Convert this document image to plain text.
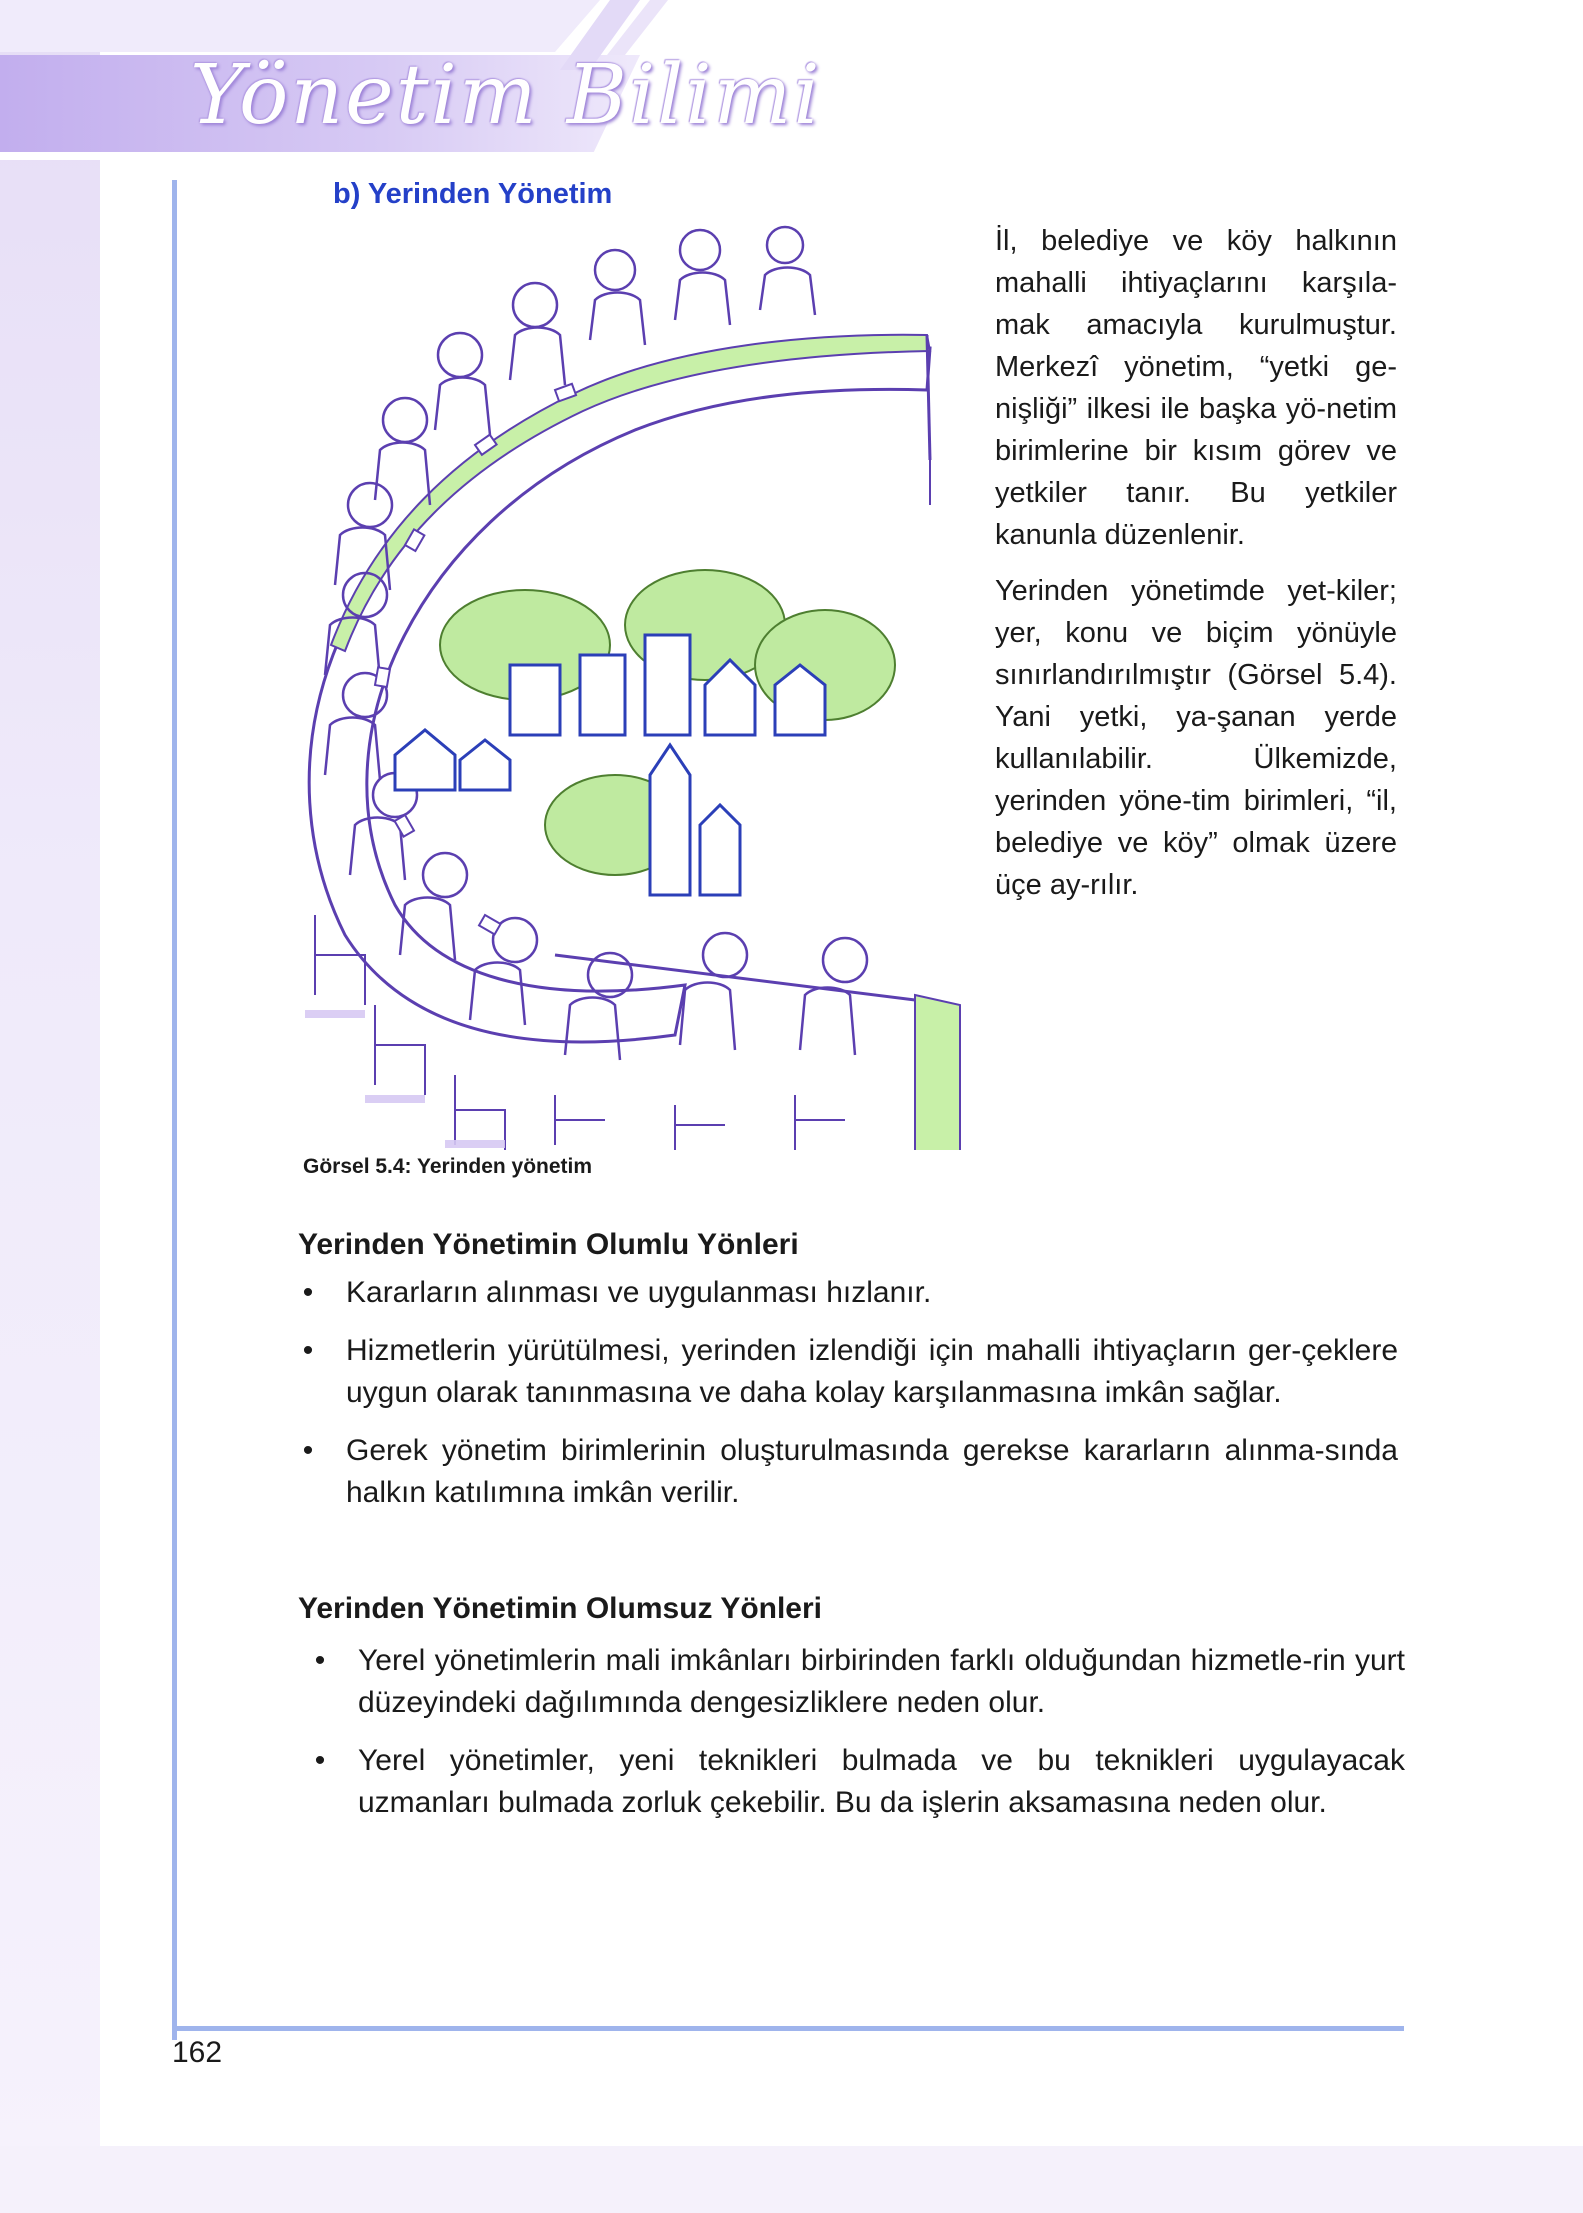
Yönetim Bilimi
b) Yerinden Yönetim
Görsel 5.4: Yerinden yönetim

İl, belediye ve köy halkının mahalli ihtiyaçlarını karşıla-mak amacıyla kurulmuştur. Merkezî yönetim, “yetki ge-nişliği” ilkesi ile başka yö-netim birimlerine bir kısım görev ve yetkiler tanır. Bu yetkiler kanunla düzenlenir.

Yerinden yönetimde yet-kiler; yer, konu ve biçim yönüyle sınırlandırılmıştır (Görsel 5.4). Yani yetki, ya-şanan yerde kullanılabilir. Ülkemizde, yerinden yöne-tim birimleri, “il, belediye ve köy” olmak üzere üçe ay-rılır.

Yerinden Yönetimin Olumlu Yönleri
• Kararların alınması ve uygulanması hızlanır.
• Hizmetlerin yürütülmesi, yerinden izlendiği için mahalli ihtiyaçların ger-çeklere uygun olarak tanınmasına ve daha kolay karşılanmasına imkân sağlar.
• Gerek yönetim birimlerinin oluşturulmasında gerekse kararların alınma-sında halkın katılımına imkân verilir.
Yerinden Yönetimin Olumsuz Yönleri
• Yerel yönetimlerin mali imkânları birbirinden farklı olduğundan hizmetle-rin yurt düzeyindeki dağılımında dengesizliklere neden olur.
• Yerel yönetimler, yeni teknikleri bulmada ve bu teknikleri uygulayacak uzmanları bulmada zorluk çekebilir. Bu da işlerin aksamasına neden olur.
162
